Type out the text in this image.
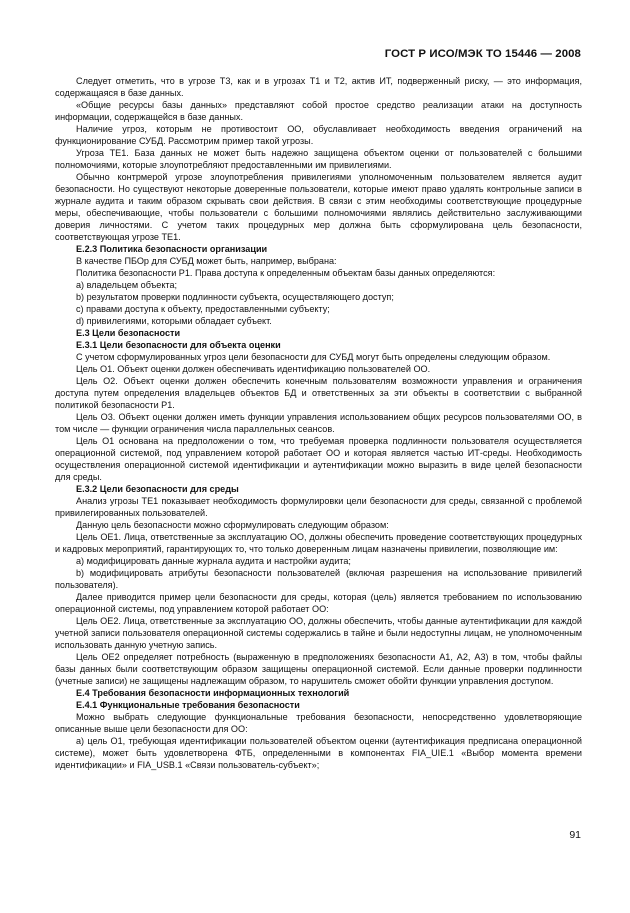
ГОСТ Р ИСО/МЭК ТО 15446 — 2008

Следует отметить, что в угрозе Т3, как и в угрозах Т1 и Т2, актив ИТ, подверженный риску, — это информация, содержащаяся в базе данных.

«Общие ресурсы базы данных» представляют собой простое средство реализации атаки на доступность информации, содержащейся в базе данных.

Наличие угроз, которым не противостоит ОО, обуславливает необходимость введения ограничений на функционирование СУБД. Рассмотрим пример такой угрозы.

Угроза ТЕ1. База данных не может быть надежно защищена объектом оценки от пользователей с большими полномочиями, которые злоупотребляют предоставленными им привилегиями.

Обычно контрмерой угрозе злоупотребления привилегиями уполномоченным пользователем является аудит безопасности. Но существуют некоторые доверенные пользователи, которые имеют право удалять контрольные записи в журнале аудита и таким образом скрывать свои действия. В связи с этим необходимы соответствующие процедурные меры, обеспечивающие, чтобы пользователи с большими полномочиями являлись действительно заслуживающими доверия личностями. С учетом таких процедурных мер должна быть сформулирована цель безопасности, соответствующая угрозе ТЕ1.

Е.2.3 Политика безопасности организации

В качестве ПБОр для СУБД может быть, например, выбрана:

Политика безопасности Р1. Права доступа к определенным объектам базы данных определяются:

а) владельцем объекта;

b) результатом проверки подлинности субъекта, осуществляющего доступ;

с) правами доступа к объекту, предоставленными субъекту;

d) привилегиями, которыми обладает субъект.

Е.3 Цели безопасности

Е.3.1 Цели безопасности для объекта оценки

С учетом сформулированных угроз цели безопасности для СУБД могут быть определены следующим образом.

Цель О1. Объект оценки должен обеспечивать идентификацию пользователей ОО.

Цель О2. Объект оценки должен обеспечить конечным пользователям возможности управления и ограничения доступа путем определения владельцев объектов БД и ответственных за эти объекты в соответствии с выбранной политикой безопасности Р1.

Цель О3. Объект оценки должен иметь функции управления использованием общих ресурсов пользователями ОО, в том числе — функции ограничения числа параллельных сеансов.

Цель О1 основана на предположении о том, что требуемая проверка подлинности пользователя осуществляется операционной системой, под управлением которой работает ОО и которая является частью ИТ-среды. Необходимость осуществления операционной системой идентификации и аутентификации можно выразить в виде целей безопасности для среды.

Е.3.2 Цели безопасности для среды

Анализ угрозы ТЕ1 показывает необходимость формулировки цели безопасности для среды, связанной с проблемой привилегированных пользователей.

Данную цель безопасности можно сформулировать следующим образом:

Цель ОЕ1. Лица, ответственные за эксплуатацию ОО, должны обеспечить проведение соответствующих процедурных и кадровых мероприятий, гарантирующих то, что только доверенным лицам назначены привилегии, позволяющие им:

а) модифицировать данные журнала аудита и настройки аудита;

b) модифицировать атрибуты безопасности пользователей (включая разрешения на использование привилегий пользователя).

Далее приводится пример цели безопасности для среды, которая (цель) является требованием по использованию операционной системы, под управлением которой работает ОО:

Цель ОЕ2. Лица, ответственные за эксплуатацию ОО, должны обеспечить, чтобы данные аутентификации для каждой учетной записи пользователя операционной системы содержались в тайне и были недоступны лицам, не уполномоченным использовать данную учетную запись.

Цель ОЕ2 определяет потребность (выраженную в предположениях безопасности А1, А2, А3) в том, чтобы файлы базы данных были соответствующим образом защищены операционной системой. Если данные проверки подлинности (учетные записи) не защищены надлежащим образом, то нарушитель сможет обойти функции управления доступом.

Е.4 Требования безопасности информационных технологий

Е.4.1 Функциональные требования безопасности

Можно выбрать следующие функциональные требования безопасности, непосредственно удовлетворяющие описанные выше цели безопасности для ОО:

а) цель О1, требующая идентификации пользователей объектом оценки (аутентификация предписана операционной системе), может быть удовлетворена ФТБ, определенными в компонентах FIA_UIE.1 «Выбор момента времени идентификации» и FIA_USB.1 «Связи пользователь-субъект»;

91
